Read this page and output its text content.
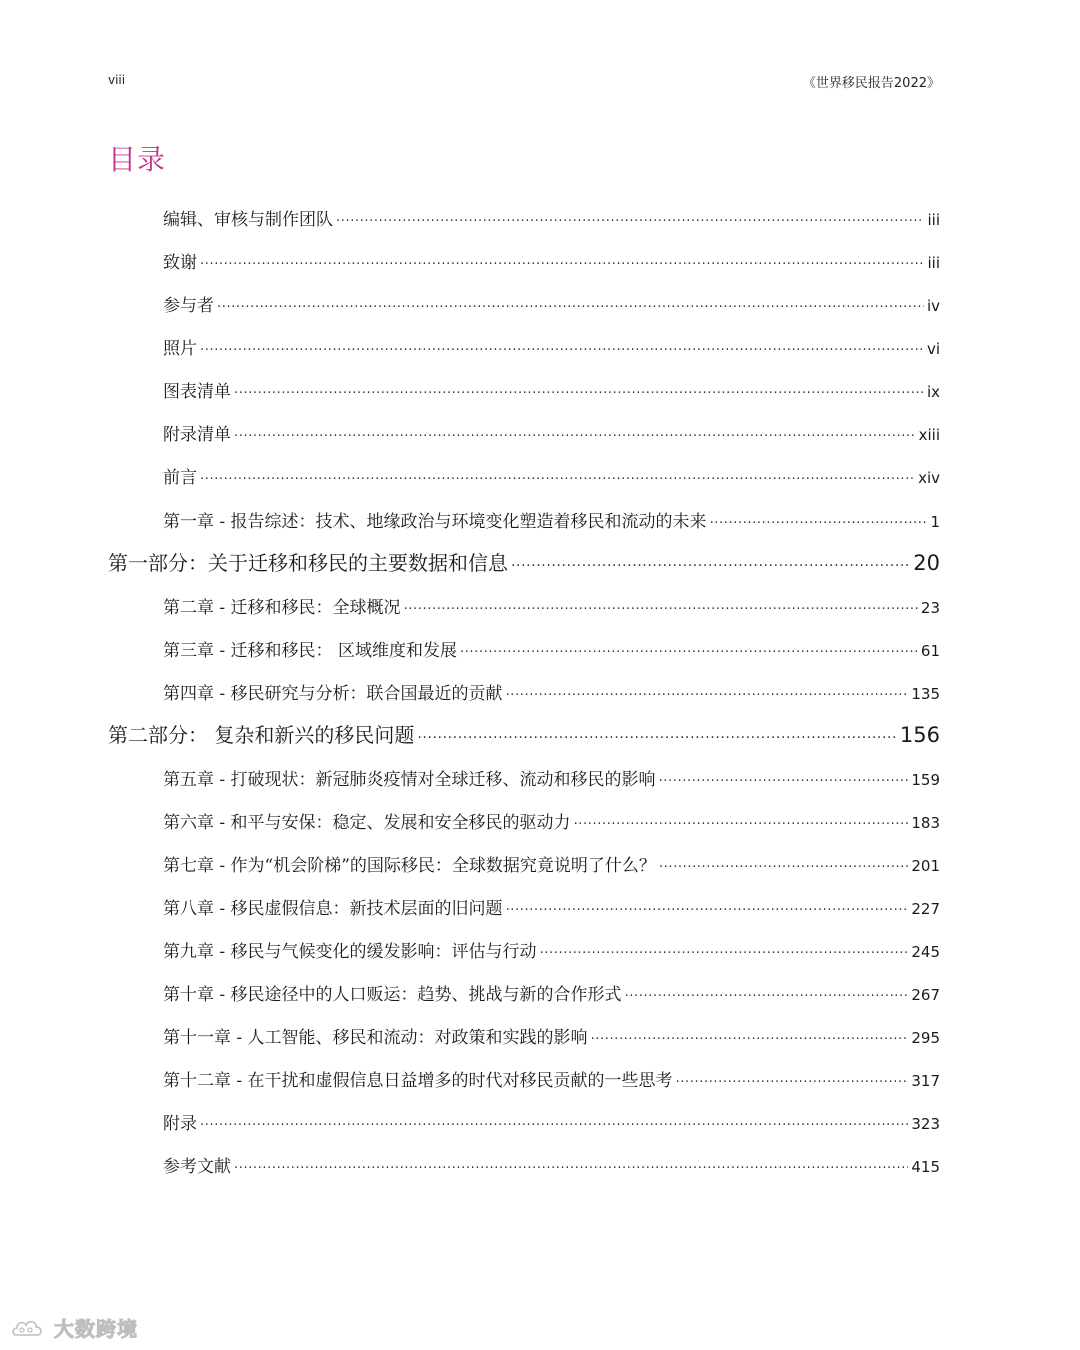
viii	《世界移民报告2022》
目录
编辑、审核与制作团队 .....	iii
致谢 .....	iii
参与者 .....	iv
照片 .....	vi
图表清单 .....	ix
附录清单 .....	xiii
前言 .....	xiv
第一章 - 报告综述：技术、地缘政治与环境变化塑造着移民和流动的未来 .....	1
第一部分：关于迁移和移民的主要数据和信息 .....	20
第二章 - 迁移和移民：全球概况 .....	23
第三章 - 迁移和移民： 区域维度和发展 .....	61
第四章 - 移民研究与分析：联合国最近的贡献 .....	135
第二部分： 复杂和新兴的移民问题 .....	156
第五章 - 打破现状：新冠肺炎疫情对全球迁移、流动和移民的影响 .....	159
第六章 - 和平与安保：稳定、发展和安全移民的驱动力 .....	183
第七章 - 作为“机会阶梯”的国际移民：全球数据究竟说明了什么？ .....	201
第八章 - 移民虚假信息：新技术层面的旧问题 .....	227
第九章 - 移民与气候变化的缓发影响：评估与行动 .....	245
第十章 - 移民途径中的人口贩运：趋势、挑战与新的合作形式 .....	267
第十一章 - 人工智能、移民和流动：对政策和实践的影响 .....	295
第十二章 - 在干扰和虚假信息日益增多的时代对移民贡献的一些思考 .....	317
附录 .....	323
参考文献 .....	415
大数跨境
